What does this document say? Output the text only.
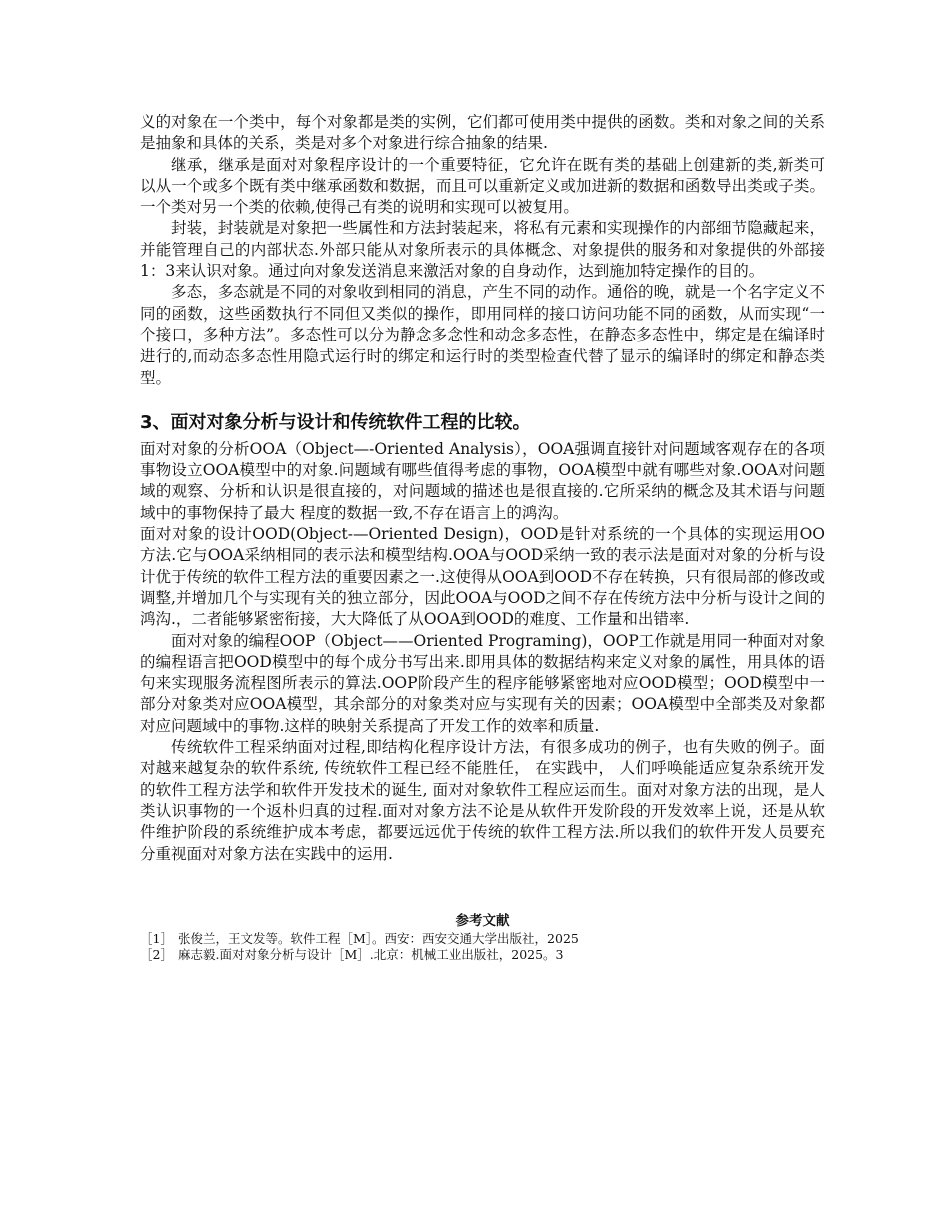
义的对象在一个类中，每个对象都是类的实例，它们都可使用类中提供的函数。类和对象之间的关系是抽象和具体的关系，类是对多个对象进行综合抽象的结果.

继承，继承是面对对象程序设计的一个重要特征，它允许在既有类的基础上创建新的类,新类可以从一个或多个既有类中继承函数和数据，而且可以重新定义或加进新的数据和函数导出类或子类。一个类对另一个类的依赖,使得己有类的说明和实现可以被复用。

封装，封装就是对象把一些属性和方法封装起来，将私有元素和实现操作的内部细节隐藏起来，并能管理自己的内部状态.外部只能从对象所表示的具体概念、对象提供的服务和对象提供的外部接1：3来认识对象。通过向对象发送消息来激活对象的自身动作，达到施加特定操作的目的。

多态，多态就是不同的对象收到相同的消息，产生不同的动作。通俗的晚，就是一个名字定义不同的函数，这些函数执行不同但又类似的操作，即用同样的接口访问功能不同的函数，从而实现“一个接口，多种方法”。多态性可以分为静念多念性和动念多态性，在静态多态性中，绑定是在编译时进行的,而动态多态性用隐式运行时的绑定和运行时的类型检查代替了显示的编译时的绑定和静态类型。

3、面对对象分析与设计和传统软件工程的比较。

面对对象的分析OOA（Object—-Oriented Analysis），OOA强调直接针对问题域客观存在的各项事物设立OOA模型中的对象.问题域有哪些值得考虑的事物，OOA模型中就有哪些对象.OOA对问题域的观察、分析和认识是很直接的，对问题域的描述也是很直接的.它所采纳的概念及其术语与问题域中的事物保持了最大 程度的数据一致,不存在语言上的鸿沟。

面对对象的设计OOD(Object-—Oriented Design)，OOD是针对系统的一个具体的实现运用OO方法.它与OOA采纳相同的表示法和模型结构.OOA与OOD采纳一致的表示法是面对对象的分析与设计优于传统的软件工程方法的重要因素之一.这使得从OOA到OOD不存在转换，只有很局部的修改或调整,并增加几个与实现有关的独立部分，因此OOA与OOD之间不存在传统方法中分析与设计之间的鸿沟.，二者能够紧密衔接，大大降低了从OOA到OOD的难度、工作量和出错率.

面对对象的编程OOP（Object——Oriented Programing)，OOP工作就是用同一种面对对象的编程语言把OOD模型中的每个成分书写出来.即用具体的数据结构来定义对象的属性，用具体的语句来实现服务流程图所表示的算法.OOP阶段产生的程序能够紧密地对应OOD模型；OOD模型中一部分对象类对应OOA模型，其余部分的对象类对应与实现有关的因素；OOA模型中全部类及对象都对应问题域中的事物.这样的映射关系提高了开发工作的效率和质量.

传统软件工程采纳面对过程,即结构化程序设计方法，有很多成功的例子，也有失败的例子。面对越来越复杂的软件系统, 传统软件工程已经不能胜任， 在实践中， 人们呼唤能适应复杂系统开发的软件工程方法学和软件开发技术的诞生, 面对对象软件工程应运而生。面对对象方法的出现，是人类认识事物的一个返朴归真的过程.面对对象方法不论是从软件开发阶段的开发效率上说，还是从软件维护阶段的系统维护成本考虑，都要远远优于传统的软件工程方法.所以我们的软件开发人员要充分重视面对对象方法在实践中的运用.

参考文献
［1］ 张俊兰，王文发等。软件工程［M］。西安：西安交通大学出版社，2025
［2］ 麻志毅.面对对象分析与设计［M］.北京：机械工业出版社，2025。3
